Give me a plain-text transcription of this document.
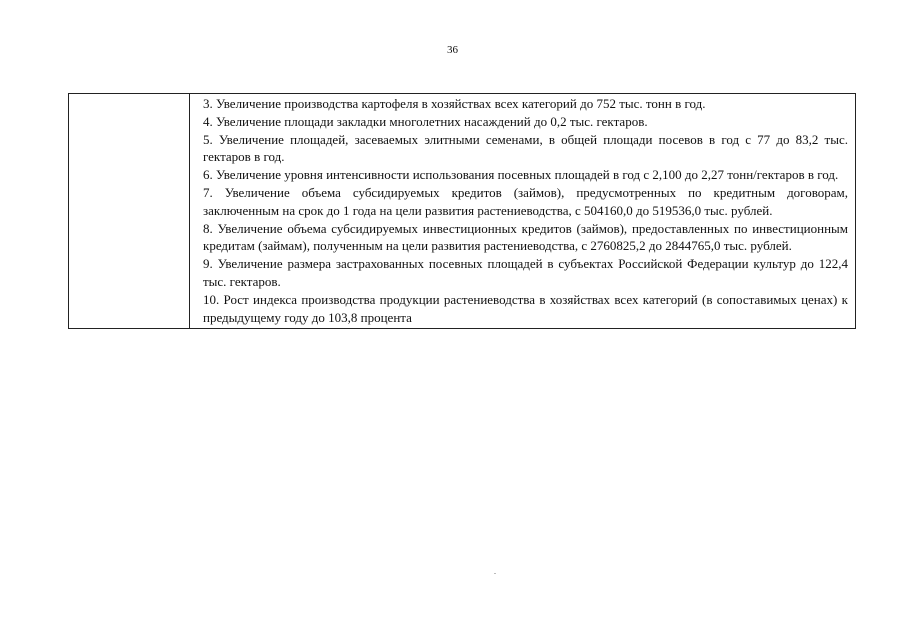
36

3. Увеличение производства картофеля в хозяйствах всех категорий до 752 тыс. тонн в год.

4. Увеличение площади закладки многолетних насаждений до 0,2 тыс. гектаров.

5. Увеличение площадей, засеваемых элитными семенами, в общей площади посевов в год с 77 до 83,2 тыс. гектаров в год.

6. Увеличение уровня интенсивности использования посевных площадей в год с 2,100 до 2,27 тонн/гектаров в год.

7. Увеличение объема субсидируемых кредитов (займов), предусмотренных по кредитным договорам, заключенным на срок до 1 года на цели развития растениеводства, с 504160,0 до 519536,0 тыс. рублей.

8. Увеличение объема субсидируемых инвестиционных кредитов (займов), предоставленных по инвестиционным кредитам (займам), полученным на цели развития растениеводства, с 2760825,2 до 2844765,0 тыс. рублей.

9. Увеличение размера застрахованных посевных площадей в субъектах Российской Федерации культур до 122,4 тыс. гектаров.

10. Рост индекса производства продукции растениеводства в хозяйствах всех категорий (в сопоставимых ценах) к предыдущему году до 103,8 процента
